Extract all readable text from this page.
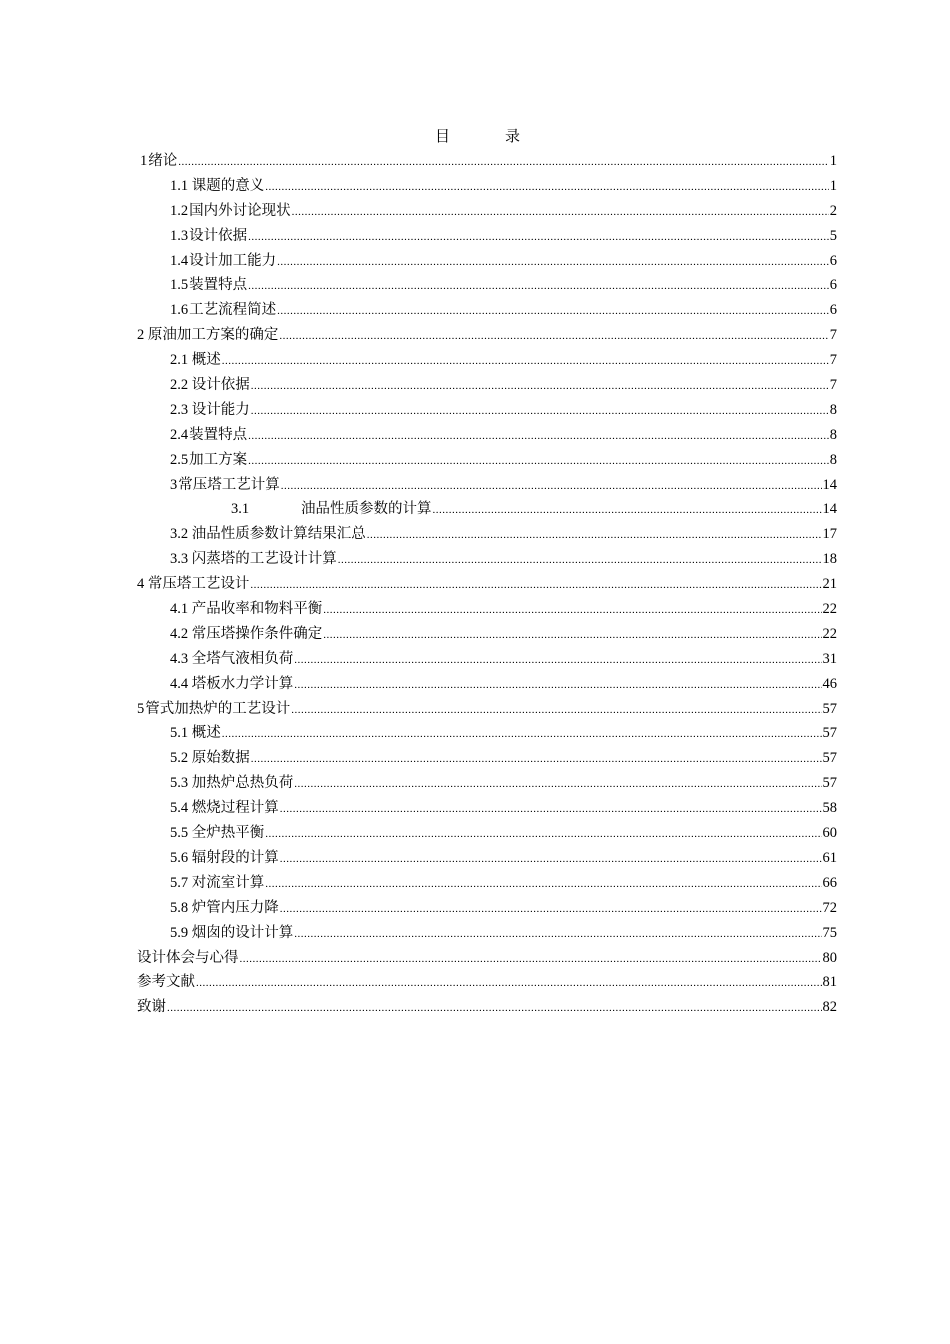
目　录
1绪论 .....	1
1.1 课题的意义 .....	1
1.2国内外讨论现状 .....	2
1.3设计依据 .....	5
1.4设计加工能力 .....	6
1.5装置特点 .....	6
1.6工艺流程简述 .....	6
2 原油加工方案的确定 .....	7
2.1 概述 .....	7
2.2 设计依据 .....	7
2.3 设计能力 .....	8
2.4装置特点 .....	8
2.5加工方案 .....	8
3常压塔工艺计算 .....	14
3.1	油品性质参数的计算 .....	14
3.2 油品性质参数计算结果汇总 .....	17
3.3 闪蒸塔的工艺设计计算 .....	18
4 常压塔工艺设计 .....	21
4.1 产品收率和物料平衡 .....	22
4.2 常压塔操作条件确定 .....	22
4.3 全塔气液相负荷 .....	31
4.4 塔板水力学计算 .....	46
5管式加热炉的工艺设计 .....	57
5.1 概述 .....	57
5.2 原始数据 .....	57
5.3 加热炉总热负荷 .....	57
5.4 燃烧过程计算 .....	58
5.5 全炉热平衡 .....	60
5.6 辐射段的计算 .....	61
5.7 对流室计算 .....	66
5.8 炉管内压力降 .....	72
5.9 烟囱的设计计算 .....	75
设计体会与心得 .....	80
参考文献 .....	81
致谢 .....	82
